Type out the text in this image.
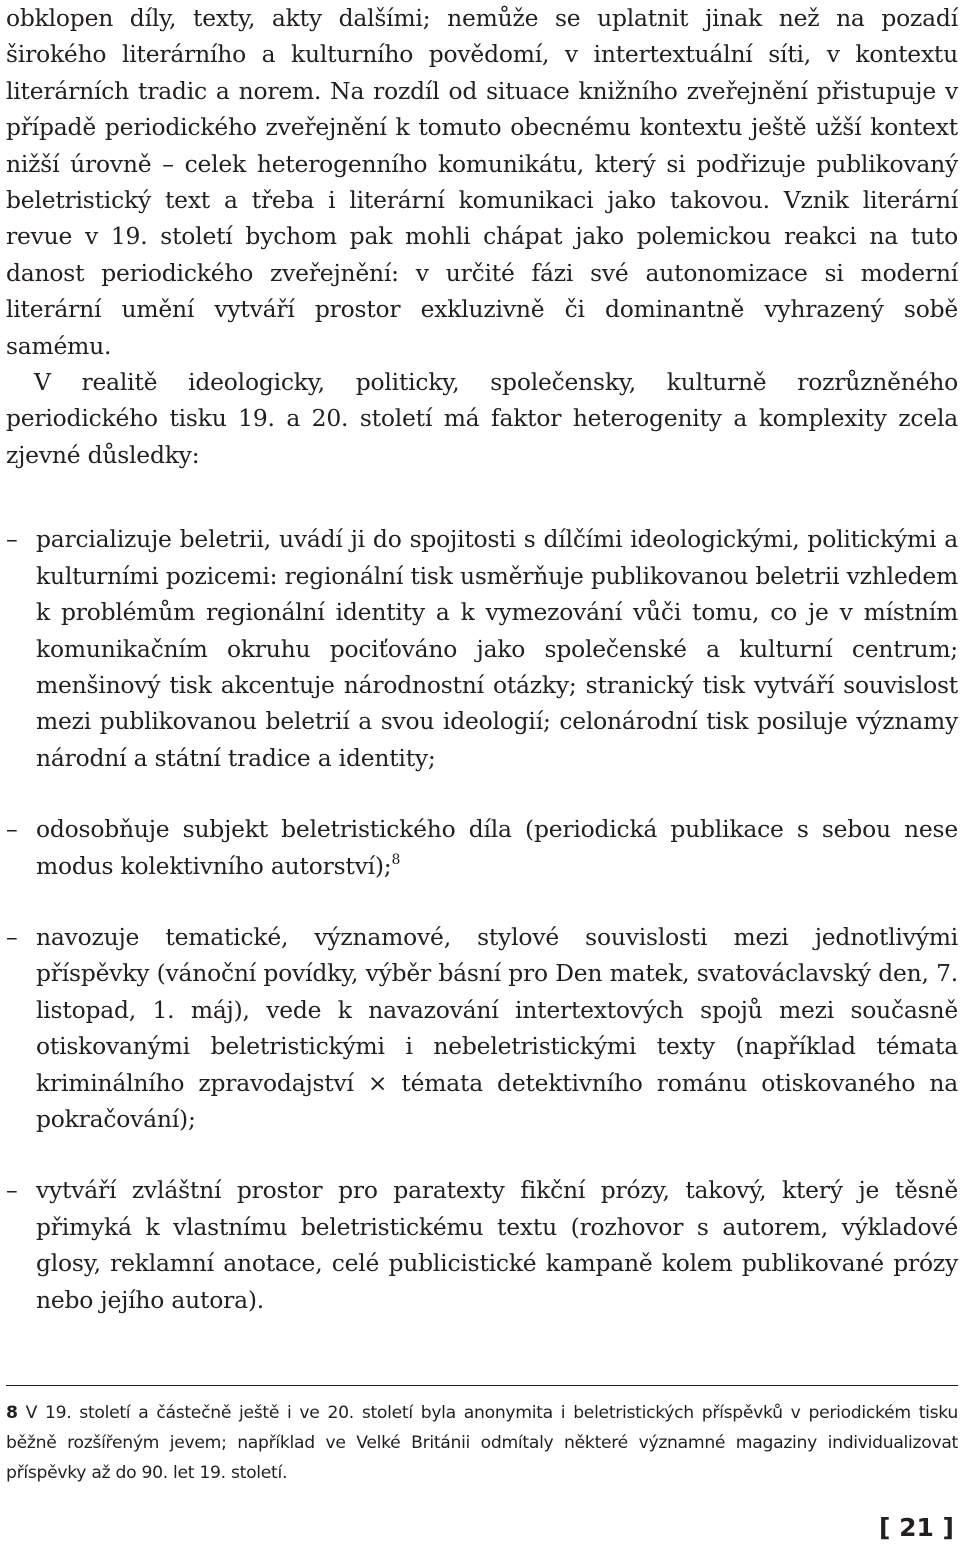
obklopen díly, texty, akty dalšími; nemůže se uplatnit jinak než na pozadí širokého literárního a kulturního povědomí, v intertextuální síti, v kontextu literárních tradic a norem. Na rozdíl od situace knižního zveřejnění přistupuje v případě periodického zveřejnění k tomuto obecnému kontextu ještě užší kontext nižší úrovně – celek heterogenního komunikátu, který si podřizuje publikovaný beletristický text a třeba i literární komunikaci jako takovou. Vznik literární revue v 19. století bychom pak mohli chápat jako polemickou reakci na tuto danost periodického zveřejnění: v určité fázi své autonomizace si moderní literární umění vytváří prostor exkluzivně či dominantně vyhrazený sobě samému.

V realitě ideologicky, politicky, společensky, kulturně rozrůzněného periodického tisku 19. a 20. století má faktor heterogenity a komplexity zcela zjevné důsledky:

– parcializuje beletrii, uvádí ji do spojitosti s dílčími ideologickými, politickými a kulturními pozicemi: regionální tisk usměrňuje publikovanou beletrii vzhledem k problémům regionální identity a k vymezování vůči tomu, co je v místním komunikačním okruhu pociťováno jako společenské a kulturní centrum; menšinový tisk akcentuje národnostní otázky; stranický tisk vytváří souvislost mezi publikovanou beletrií a svou ideologií; celonárodní tisk posiluje významy národní a státní tradice a identity;
– odosobňuje subjekt beletristického díla (periodická publikace s sebou nese modus kolektivního autorství);$^8$
– navozuje tematické, významové, stylové souvislosti mezi jednotlivými příspěvky (vánoční povídky, výběr básní pro Den matek, svatováclavský den, 7. listopad, 1. máj), vede k navazování intertextových spojů mezi současně otiskovanými beletristickými i nebeletristickými texty (například témata kriminálního zpravodajství × témata detektivního románu otiskovaného na pokračování);
– vytváří zvláštní prostor pro paratexty fikční prózy, takový, který je těsně přimyká k vlastnímu beletristickému textu (rozhovor s autorem, výkladové glosy, reklamní anotace, celé publicistické kampaně kolem publikované prózy nebo jejího autora).
8 V 19. století a částečně ještě i ve 20. století byla anonymita i beletristických příspěvků v periodickém tisku běžně rozšířeným jevem; například ve Velké Británii odmítaly některé významné magaziny individualizovat příspěvky až do 90. let 19. století.
[ 21 ]
